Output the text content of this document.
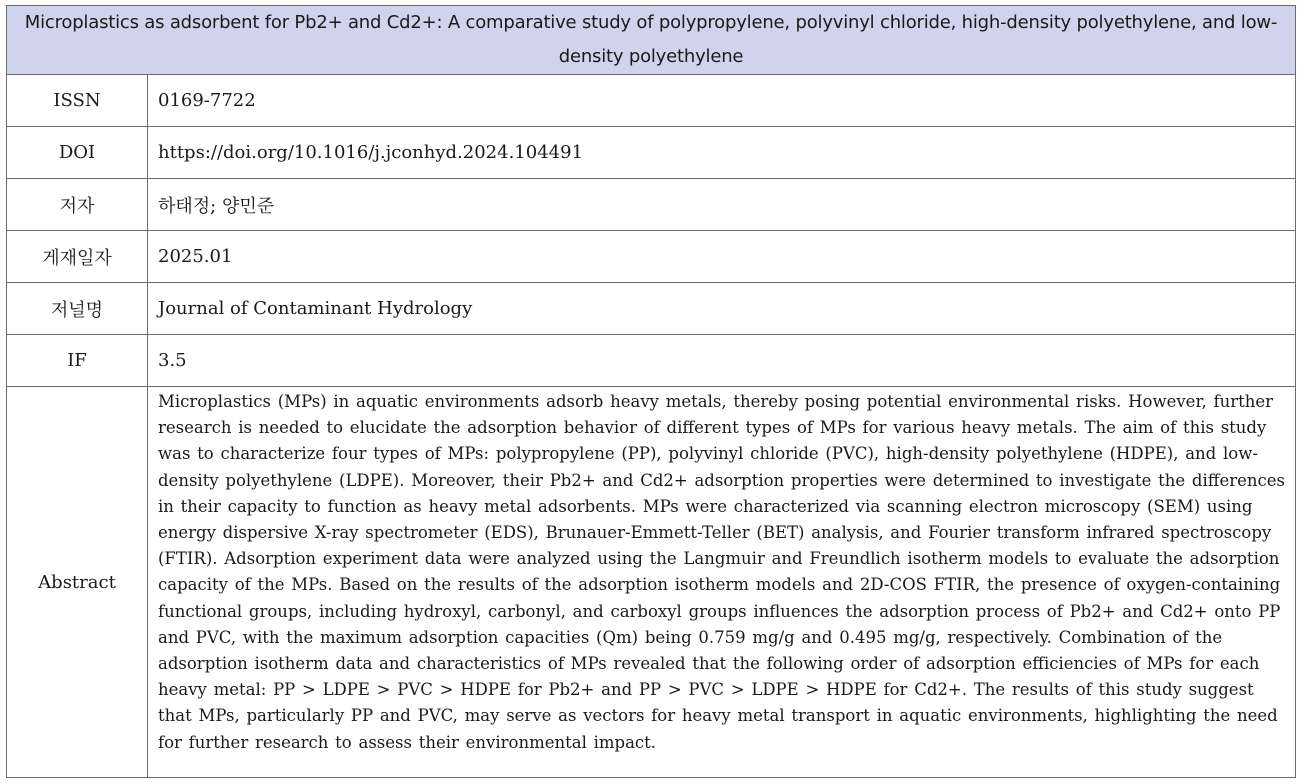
Microplastics as adsorbent for Pb2+ and Cd2+: A comparative study of polypropylene, polyvinyl chloride, high-density polyethylene, and low-density polyethylene	
ISSN	0169-7722
DOI	https://doi.org/10.1016/j.jconhyd.2024.104491
저자	하태정; 양민준
게재일자	2025.01
저널명	Journal of Contaminant Hydrology
IF	3.5
Abstract	Microplastics (MPs) in aquatic environments adsorb heavy metals, thereby posing potential environmental risks. However, further research is needed to elucidate the adsorption behavior of different types of MPs for various heavy metals. The aim of this study was to characterize four types of MPs: polypropylene (PP), polyvinyl chloride (PVC), high-density polyethylene (HDPE), and low-density polyethylene (LDPE). Moreover, their Pb2+ and Cd2+ adsorption properties were determined to investigate the differences in their capacity to function as heavy metal adsorbents. MPs were characterized via scanning electron microscopy (SEM) using energy dispersive X-ray spectrometer (EDS), Brunauer-Emmett-Teller (BET) analysis, and Fourier transform infrared spectroscopy (FTIR). Adsorption experiment data were analyzed using the Langmuir and Freundlich isotherm models to evaluate the adsorption capacity of the MPs. Based on the results of the adsorption isotherm models and 2D-COS FTIR, the presence of oxygen-containing functional groups, including hydroxyl, carbonyl, and carboxyl groups influences the adsorption process of Pb2+ and Cd2+ onto PP and PVC, with the maximum adsorption capacities (Qm) being 0.759 mg/g and 0.495 mg/g, respectively. Combination of the adsorption isotherm data and characteristics of MPs revealed that the following order of adsorption efficiencies of MPs for each heavy metal: PP > LDPE > PVC > HDPE for Pb2+ and PP > PVC > LDPE > HDPE for Cd2+. The results of this study suggest that MPs, particularly PP and PVC, may serve as vectors for heavy metal transport in aquatic environments, highlighting the need for further research to assess their environmental impact.
